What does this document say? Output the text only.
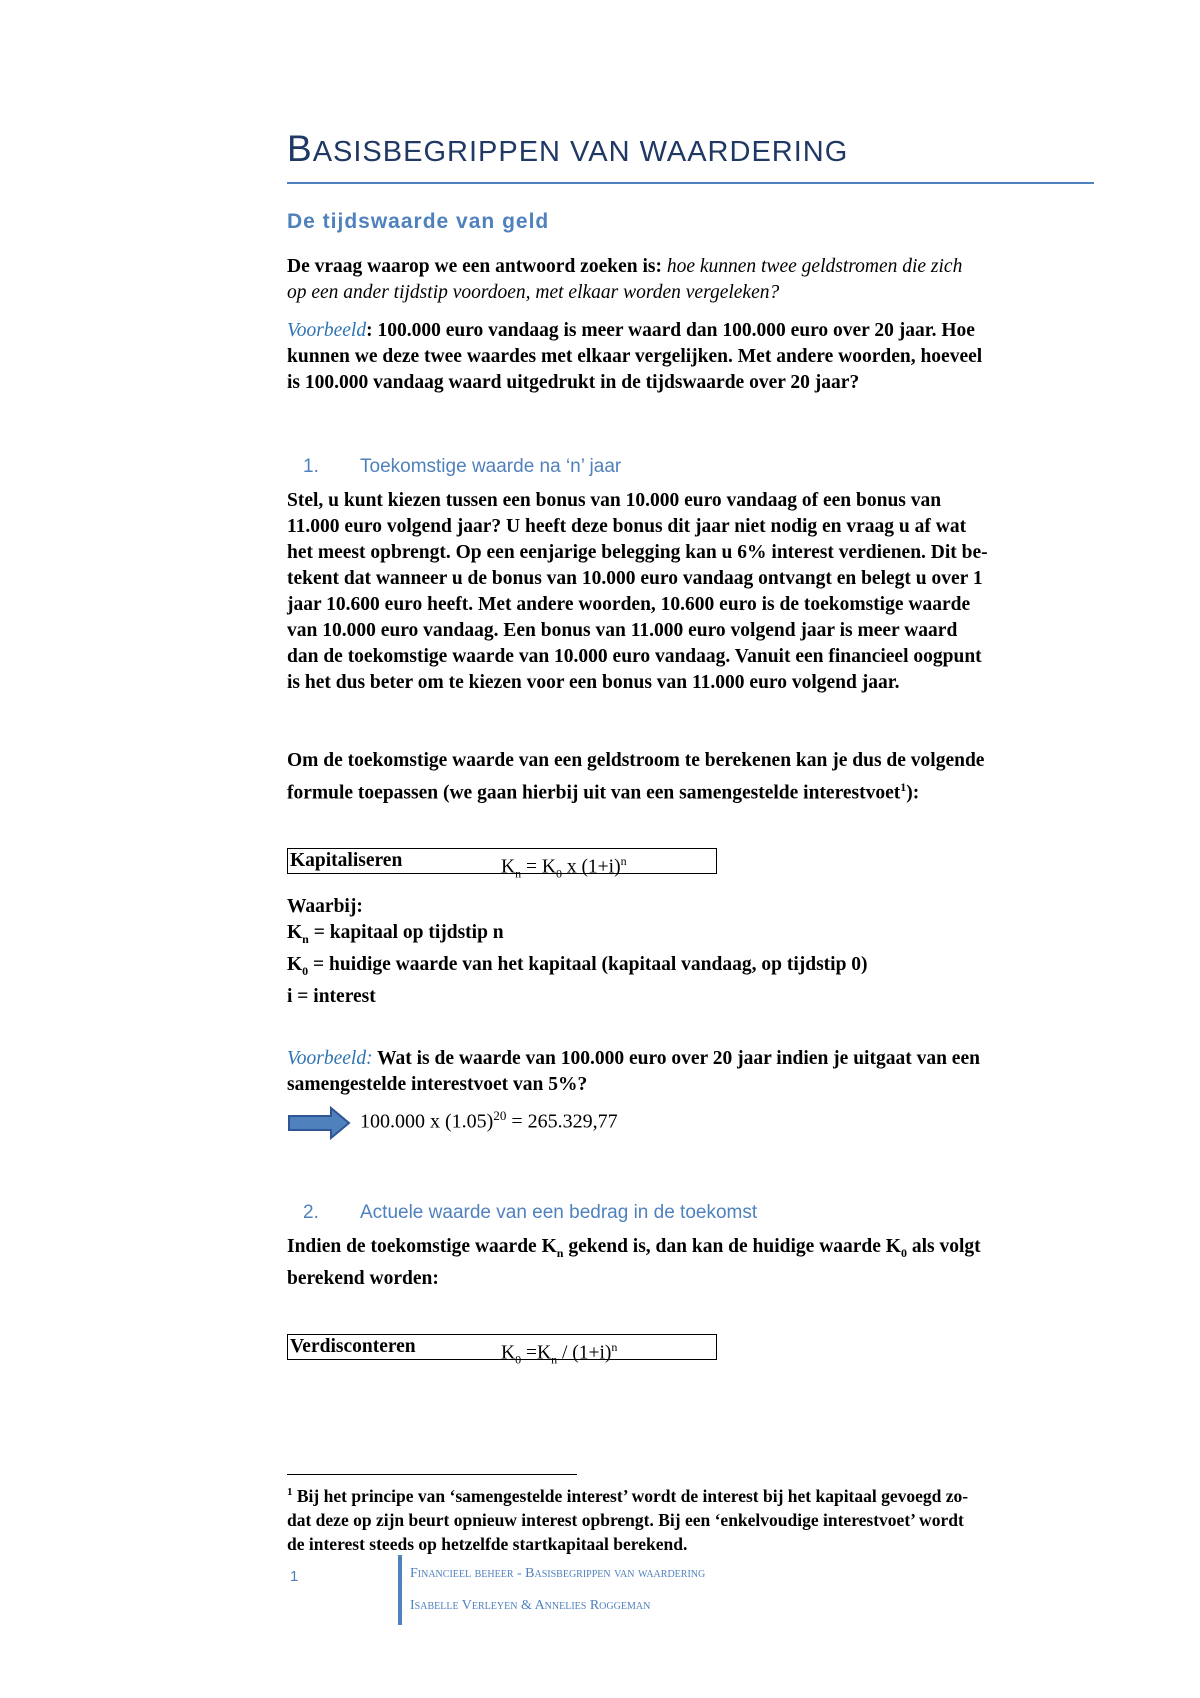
BASISBEGRIPPEN VAN WAARDERING
De tijdswaarde van geld
De vraag waarop we een antwoord zoeken is: hoe kunnen twee geldstromen die zich
op een ander tijdstip voordoen, met elkaar worden vergeleken?
Voorbeeld: 100.000 euro vandaag is meer waard dan 100.000 euro over 20 jaar. Hoe
kunnen we deze twee waardes met elkaar vergelijken. Met andere woorden, hoeveel
is 100.000 vandaag waard uitgedrukt in de tijdswaarde over 20 jaar?
1. Toekomstige waarde na ‘n’ jaar
Stel, u kunt kiezen tussen een bonus van 10.000 euro vandaag of een bonus van
11.000 euro volgend jaar? U heeft deze bonus dit jaar niet nodig en vraag u af wat
het meest opbrengt. Op een eenjarige belegging kan u 6% interest verdienen. Dit be-
tekent dat wanneer u de bonus van 10.000 euro vandaag ontvangt en belegt u over 1
jaar 10.600 euro heeft. Met andere woorden, 10.600 euro is de toekomstige waarde
van 10.000 euro vandaag. Een bonus van 11.000 euro volgend jaar is meer waard
dan de toekomstige waarde van 10.000 euro vandaag. Vanuit een financieel oogpunt
is het dus beter om te kiezen voor een bonus van 11.000 euro volgend jaar.
Om de toekomstige waarde van een geldstroom te berekenen kan je dus de volgende
formule toepassen (we gaan hierbij uit van een samengestelde interestvoet$^1$):
Kapitaliseren	$K_n = K_0$ x $(1+i)^n$
Waarbij:
$K_n$ = kapitaal op tijdstip n
$K_0$ = huidige waarde van het kapitaal (kapitaal vandaag, op tijdstip 0)
i = interest
Voorbeeld: Wat is de waarde van 100.000 euro over 20 jaar indien je uitgaat van een
samengestelde interestvoet van 5%?
100.000 x $(1.05)^{20} = 265.329,77$
2. Actuele waarde van een bedrag in de toekomst
Indien de toekomstige waarde $K_n$ gekend is, dan kan de huidige waarde $K_0$ als volgt
berekend worden:
Verdisconteren	$K_0 =K_n / (1+i)^n$
$^1$ Bij het principe van ‘samengestelde interest’ wordt de interest bij het kapitaal gevoegd zo-
dat deze op zijn beurt opnieuw interest opbrengt. Bij een ‘enkelvoudige interestvoet’ wordt
de interest steeds op hetzelfde startkapitaal berekend.
1	Financieel beheer - Basisbegrippen van waardering
Isabelle Verleyen & Annelies Roggeman
